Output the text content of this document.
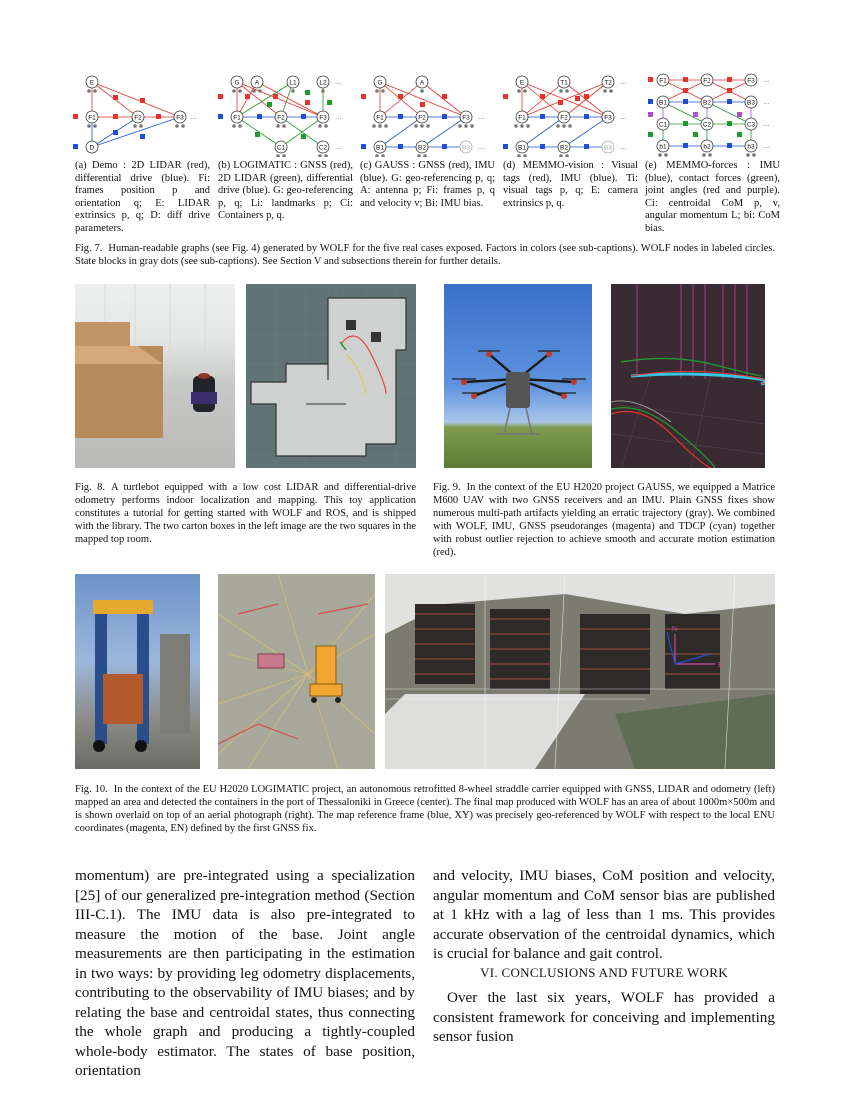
E
F1	F2	F3
D
···
G A	L1	L2
F1	F2	F3
C1	C2
···
···
···
G	A
F1	F2	F3
B1	B2	B3
···
···
E	T1	T2
F1	F2	F3
B1	B2	B3
···
···
···
F1	F2	F3
B1	B2	B3
C1	C2	C3
b1	b2	b3
···
···
···
···
(a) Demo : 2D LIDAR (red), differential drive (blue). Fi: frames position p and orientation q; E: LIDAR extrinsics p, q; D: diff drive parameters.
(b) LOGIMATIC : GNSS (red), 2D LIDAR (green), differential drive (blue). G: geo-referencing p, q; Li: landmarks p; Ci: Containers p, q.
(c) GAUSS : GNSS (red), IMU (blue). G: geo-referencing p, q; A: antenna p; Fi: frames p, q and velocity v; Bi: IMU bias.
(d) MEMMO-vision : Visual tags (red), IMU (blue). Ti: visual tags p, q; E: camera extrinsics p, q.
(e) MEMMO-forces : IMU (blue), contact forces (green), joint angles (red and purple). Ci: centroidal CoM p, v, angular momentum L; bi: CoM bias.
Fig. 7. Human-readable graphs (see Fig. 4) generated by WOLF for the five real cases exposed. Factors in colors (see sub-captions). WOLF nodes in labeled circles. State blocks in gray dots (see sub-captions). See Section V and subsections therein for further details.
Fig. 8. A turtlebot equipped with a low cost LIDAR and differential-drive odometry performs indoor localization and mapping. This toy application constitutes a tutorial for getting started with WOLF and ROS, and is shipped with the library. The two carton boxes in the left image are the two squares in the mapped top room.
Fig. 9. In the context of the EU H2020 project GAUSS, we equipped a Matrice M600 UAV with two GNSS receivers and an IMU. Plain GNSS fixes show numerous multi-path artifacts yielding an erratic trajectory (gray). We combined with WOLF, IMU, GNSS pseudoranges (magenta) and TDCP (cyan) together with robust outlier rejection to achieve smooth and accurate motion estimation (red).
E
N
Fig. 10. In the context of the EU H2020 LOGIMATIC project, an autonomous retrofitted 8-wheel straddle carrier equipped with GNSS, LIDAR and odometry (left) mapped an area and detected the containers in the port of Thessaloniki in Greece (center). The final map produced with WOLF has an area of about 1000m×500m and is shown overlaid on top of an aerial photograph (right). The map reference frame (blue, XY) was precisely geo-referenced by WOLF with respect to the local ENU coordinates (magenta, EN) defined by the first GNSS fix.
momentum) are pre-integrated using a specialization [25] of our generalized pre-integration method (Section III-C.1). The IMU data is also pre-integrated to measure the motion of the base. Joint angle measurements are then participating in the estimation in two ways: by providing leg odometry displacements, contributing to the observability of IMU biases; and by relating the base and centroidal states, thus connecting the whole graph and producing a tightly-coupled whole-body estimator. The states of base position, orientation
and velocity, IMU biases, CoM position and velocity, angular momentum and CoM sensor bias are published at 1 kHz with a lag of less than 1 ms. This provides accurate observation of the centroidal dynamics, which is crucial for balance and gait control.
VI. CONCLUSIONS AND FUTURE WORK
Over the last six years, WOLF has provided a consistent framework for conceiving and implementing sensor fusion
